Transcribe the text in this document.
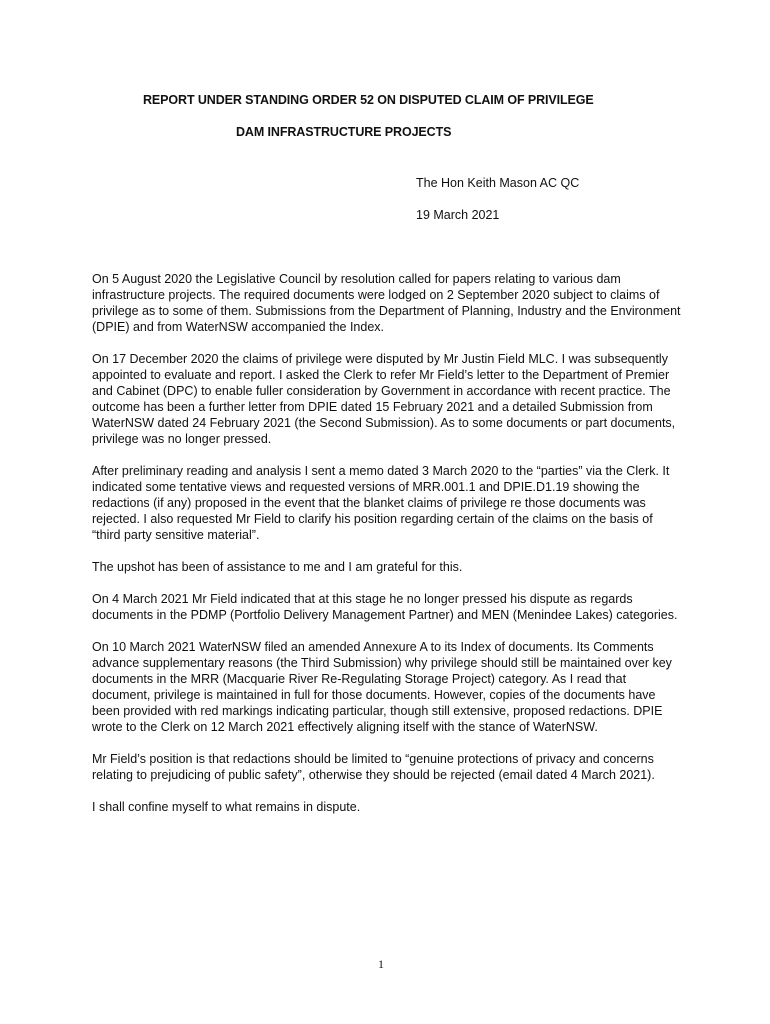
REPORT UNDER STANDING ORDER 52 ON DISPUTED CLAIM OF PRIVILEGE
DAM INFRASTRUCTURE PROJECTS
The Hon Keith Mason AC QC
19 March 2021

On 5 August 2020 the Legislative Council by resolution called for papers relating to various dam infrastructure projects. The required documents were lodged on 2 September 2020 subject to claims of privilege as to some of them. Submissions from the Department of Planning, Industry and the Environment (DPIE) and from WaterNSW accompanied the Index.

On 17 December 2020 the claims of privilege were disputed by Mr Justin Field MLC. I was subsequently appointed to evaluate and report. I asked the Clerk to refer Mr Field’s letter to the Department of Premier and Cabinet (DPC) to enable fuller consideration by Government in accordance with recent practice. The outcome has been a further letter from DPIE dated 15 February 2021 and a detailed Submission from WaterNSW dated 24 February 2021 (the Second Submission). As to some documents or part documents, privilege was no longer pressed.

After preliminary reading and analysis I sent a memo dated 3 March 2020 to the “parties” via the Clerk. It indicated some tentative views and requested versions of MRR.001.1 and DPIE.D1.19 showing the redactions (if any) proposed in the event that the blanket claims of privilege re those documents was rejected. I also requested Mr Field to clarify his position regarding certain of the claims on the basis of “third party sensitive material”.

The upshot has been of assistance to me and I am grateful for this.

On 4 March 2021 Mr Field indicated that at this stage he no longer pressed his dispute as regards documents in the PDMP (Portfolio Delivery Management Partner) and MEN (Menindee Lakes) categories.

On 10 March 2021 WaterNSW filed an amended Annexure A to its Index of documents. Its Comments advance supplementary reasons (the Third Submission) why privilege should still be maintained over key documents in the MRR (Macquarie River Re-Regulating Storage Project) category. As I read that document, privilege is maintained in full for those documents. However, copies of the documents have been provided with red markings indicating particular, though still extensive, proposed redactions. DPIE wrote to the Clerk on 12 March 2021 effectively aligning itself with the stance of WaterNSW.

Mr Field’s position is that redactions should be limited to “genuine protections of privacy and concerns relating to prejudicing of public safety”, otherwise they should be rejected (email dated 4 March 2021).

I shall confine myself to what remains in dispute.

1
